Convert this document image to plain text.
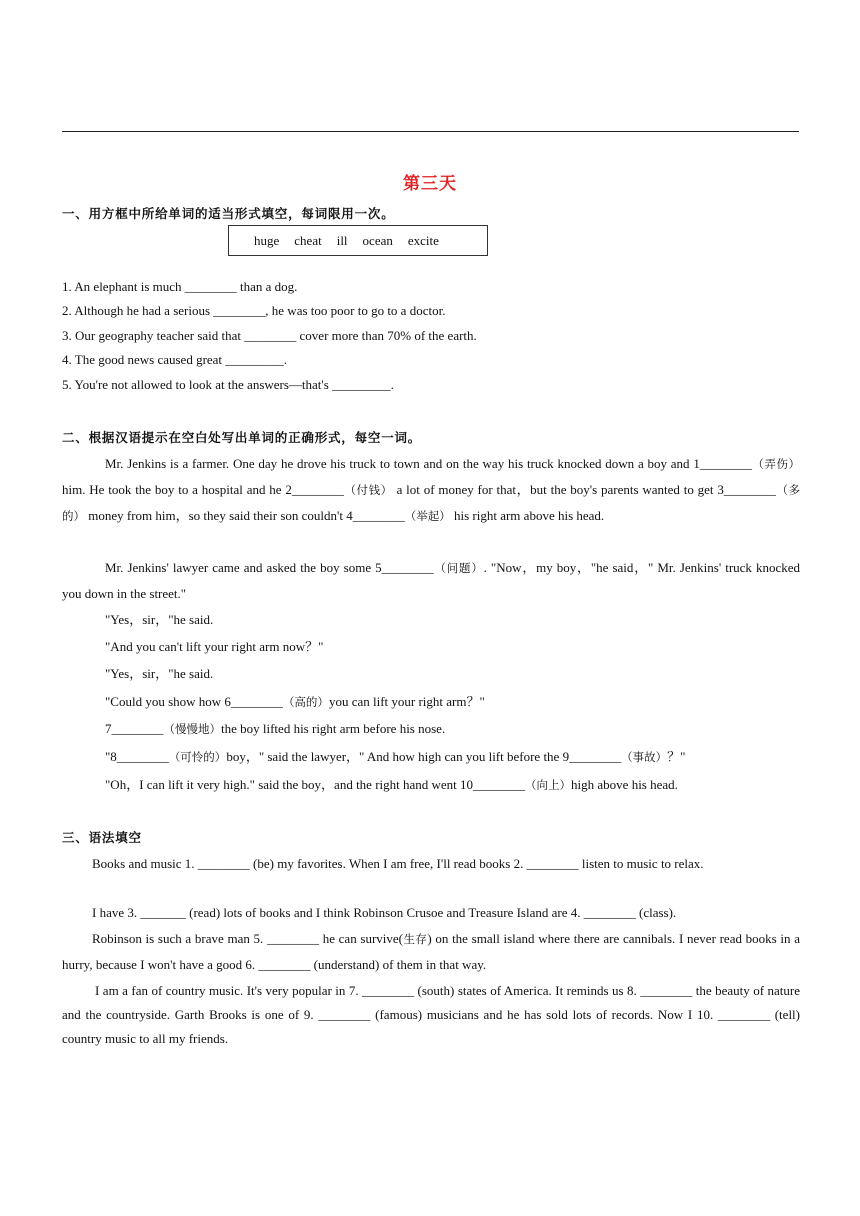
第三天
一、用方框中所给单词的适当形式填空，每词限用一次。
huge cheat ill ocean excite
1. An elephant is much ________ than a dog.
2. Although he had a serious ________, he was too poor to go to a doctor.
3. Our geography teacher said that ________ cover more than 70% of the earth.
4. The good news caused great _________.
5. You're not allowed to look at the answers—that's _________.
二、根据汉语提示在空白处写出单词的正确形式，每空一词。
Mr. Jenkins is a farmer. One day he drove his truck to town and on the way his truck knocked down a boy and 1________（弄伤） him. He took the boy to a hospital and he 2________（付钱） a lot of money for that，but the boy's parents wanted to get 3________（多的） money from him，so they said their son couldn't 4________（举起） his right arm above his head.
Mr. Jenkins' lawyer came and asked the boy some 5________（问题）. "Now，my boy，"he said，" Mr. Jenkins' truck knocked you down in the street."
"Yes，sir，"he said.
"And you can't lift your right arm now？"
"Yes，sir，"he said.
"Could you show how 6________（高的）you can lift your right arm？"
7________（慢慢地）the boy lifted his right arm before his nose.
"8________（可怜的）boy，" said the lawyer，" And how high can you lift before the 9________（事故）？"
"Oh，I can lift it very high." said the boy，and the right hand went 10________（向上）high above his head.
三、语法填空
Books and music 1. ________ (be) my favorites. When I am free, I'll read books 2. ________ listen to music to relax.
I have 3. _______ (read) lots of books and I think Robinson Crusoe and Treasure Island are 4. ________ (class).
Robinson is such a brave man 5. ________ he can survive(生存) on the small island where there are cannibals. I never read books in a hurry, because I won't have a good 6. ________ (understand) of them in that way.
I am a fan of country music. It's very popular in 7. ________ (south) states of America. It reminds us 8. ________ the beauty of nature and the countryside. Garth Brooks is one of 9. ________ (famous) musicians and he has sold lots of records. Now I 10. ________ (tell) country music to all my friends.
